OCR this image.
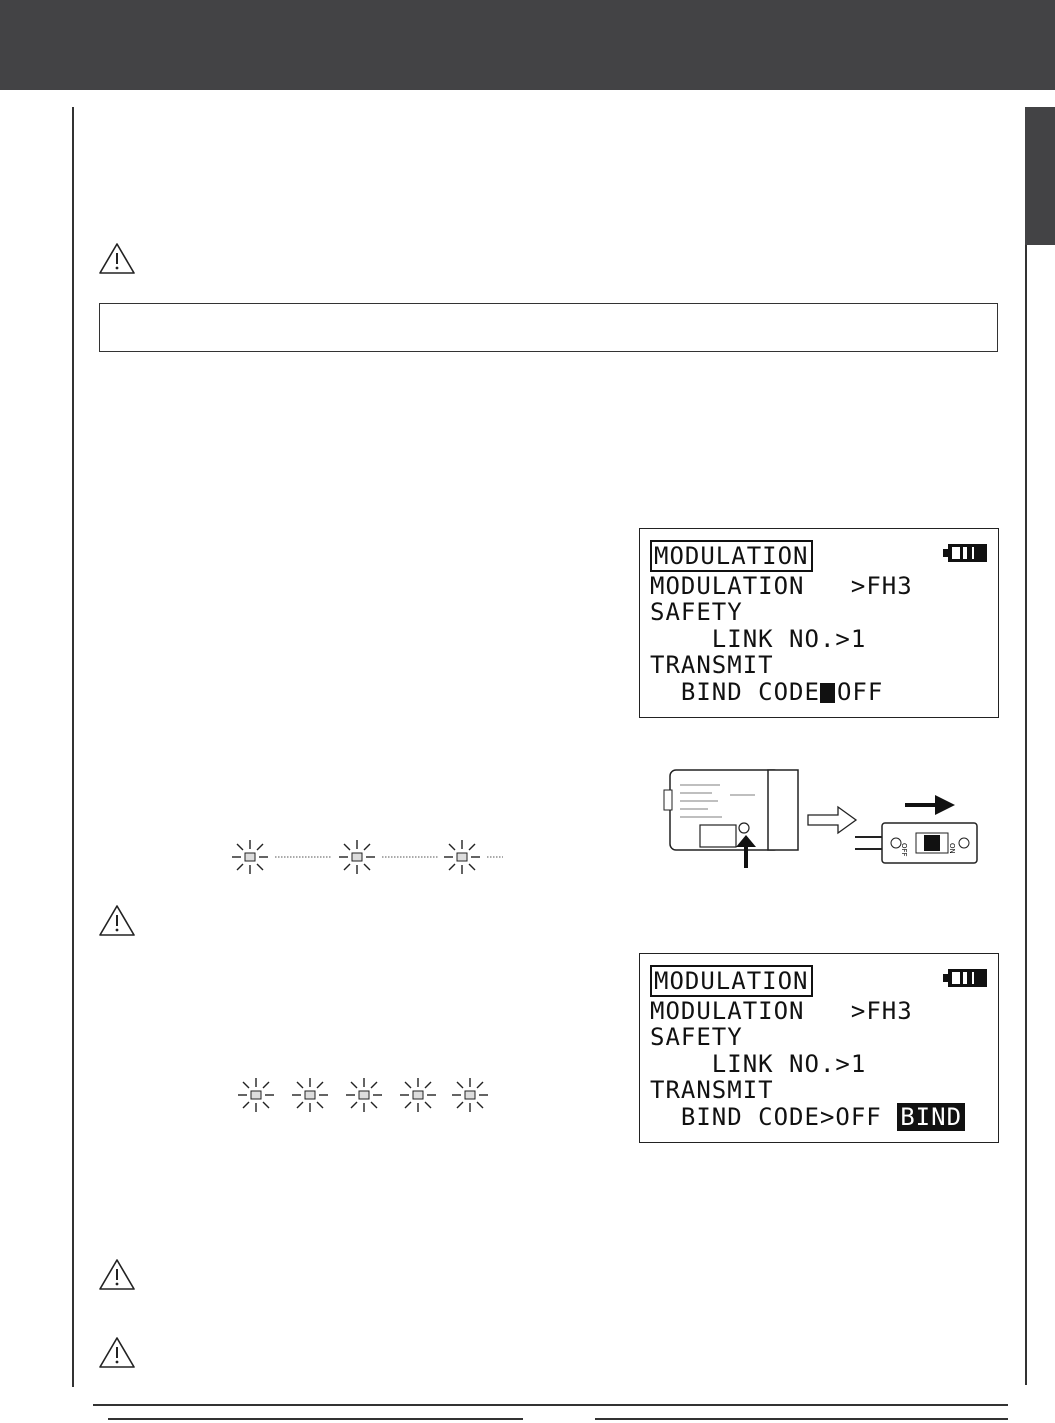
MODULATION
MODULATION >FH3
SAFETY
LINK NO.>1
TRANSMIT
BIND CODE OFF
OFF	ON
MODULATION
MODULATION >FH3
SAFETY
LINK NO.>1
TRANSMIT
BIND CODE>OFF BIND
